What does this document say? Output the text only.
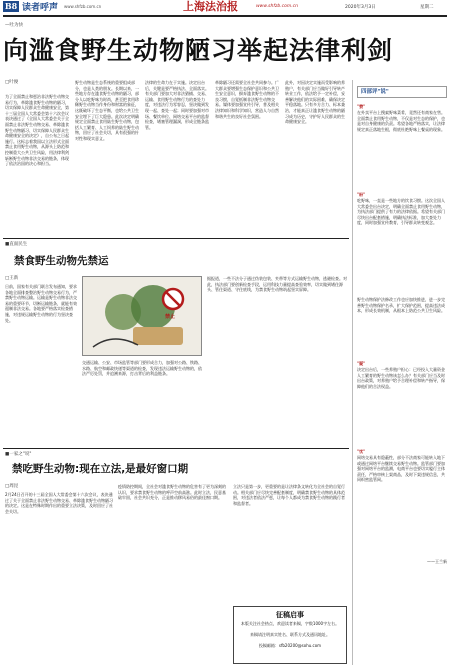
B8 读者呼声 www.shfzb.com.cn	上海法治报	www.shfzb.com.cn	2020年3月3日	星期二
—吐为快
向滥食野生动物陋习举起法律利剑
□叶俊
为了全面禁止和惩治非法野生动物交易行为，革除滥食野生动物的陋习，切实保障人民群众生命健康安全，第十三届全国人大常委会第十六次会议表决通过了《全国人大常委会关于全面禁止非法野生动物交易、革除滥食野生动物陋习、切实保障人民群众生命健康安全的决定》，自公布之日起施行。这标志着我国以立法形式全面禁止食用野生动物，从源头上防范和控制重大公共卫生风险，用法律利剑斩断野生动物非法交易的链条，体现了依法治国的决心和担当。
野生动物是生态系统的重要组成部分，也是人类的朋友。长期以来，一些地方存在滥食野生动物的陋习，部分人以吃野味为时尚，甚至把食用珍稀野生动物当作身份和财富的象征，这既破坏了生态平衡，也给公共卫生安全埋下了巨大隐患。此次决定明确规定全面禁止食用陆生野生动物，包括人工繁育、人工饲养的陆生野生动物，回应了社会关切，具有很强的针对性和现实意义。
法律的生命力在于实施。决定出台后，关键是要严格执法、全面落实。有关部门要加大对非法猎捕、交易、运输、食用野生动物行为的查处力度，对违法行为零容忍，坚决做到发现一起、查处一起；同时要加强对市场、餐饮单位、网络交易平台的监督检查，堵塞管理漏洞，形成全链条监管。
革除陋习还需要全社会共同参与。广大群众要增强生态保护意识和公共卫生安全意识，摒弃滥食野生动物的不良习惯，自觉抵制非法野生动物交易。媒体要加强宣传引导，普及相关法律知识和科学知识，营造人与自然和谐共生的良好社会氛围。
此外，对因决定实施而受影响的养殖户，有关部门应当做好引导转产转业工作，依法给予一定补偿，妥善解决他们的实际困难，确保决定平稳落地。只有多方合力、标本兼治，才能真正让滥食野生动物的陋习成为历史，守护好人民群众的生命健康安全。
四部评"说"
"赞"
在外卖平台上搜索野味菜肴，竟然还有商家在售。全面禁止食用野生动物，不仅是对生态的保护，也是对自身健康的负责。希望各地严格落实，让法律规定真正落地生根，彻底杜绝野味上餐桌的现象。
"盼"
吃野味，一直是一些地方的饮食习惯。这次全国人大常委会出台决定，明确全面禁止食用野生动物，为执法部门提供了有力的法律依据。希望有关部门尽快出台配套措施，明确执法标准，加大查处力度，同时加强宣传教育，引导群众转变观念。
野生动物保护法修改工作也应加快推进，进一步完善野生动物保护名录，扩大保护范围，提高违法成本，形成长效机制，从根本上防范公共卫生风险。
"疑"
决定出台后，一些养殖户担心：已经投入大量资金人工繁育的野生动物该怎么办？有关部门应当及时出台政策，对养殖户给予合理补偿和转产指导，保障他们的合法权益。
"忧"
网络交易具有隐蔽性，部分不法商家可能转入地下或通过网络平台继续交易野生动物。监管部门要加强对网络平台的监测，电商平台也要切实履行主体责任，严格审核上架商品，及时下架违规信息，共同织密监管网。
——王兰新
■直面民生
禁食野生动物先禁运
□王新
日前，国家有关部门联合发布通知，要求各地全面排查整治野生动物交易行为，严禁野生动物运输。运输是野生动物非法交易的重要环节，切断运输链条，就能有效遏制非法交易。各地要严格落实检查措施，对违规运输野生动物的行为坚决查处。
禁止
交通运输、公安、市场监管等部门要形成合力，加强对公路、铁路、水路、航空和邮政快递等渠道的检查，发现违法运输野生动物的，依法严厉处罚，并追溯来源，打击背后的利益链条。
据报道，一些不法分子通过伪装包装、夹带等方式运输野生动物，逃避检查。对此，执法部门要创新检查手段，运用科技力量提高查验效率，切实做到堵住源头、管住渠道、守住底线，为禁食野生动物筑起坚实屏障。
■一家之"说"
禁吃野生动物:现在立法,是最好窗口期
□周昆
2月24日召开的十三届全国人大常委会第十六次会议，表决通过了关于全面禁止非法野生动物交易、革除滥食野生动物陋习的决定。这是在特殊时期作出的重要立法决策，及时回应了社会关切。
疫情防控期间，全社会对滥食野生动物的危害有了更为深刻的认识，要求禁食野生动物的呼声空前高涨。此时立法，民意基础牢固，社会共识充分，正是推动移风易俗的最佳窗口期。
立法只是第一步，更重要的是让法律条文转化为全社会的自觉行动。相关部门应尽快完善配套制度，明确禁食野生动物的具体范围，对违法者依法严惩，让每个人都成为禁食野生动物的践行者和监督者。
征稿启事
本版关注社会热点，欢迎读者来稿，字数1000字左右。
来稿请注明真实姓名、联系方式及通讯地址。
投稿邮箱：sfb20200@sohu.com
